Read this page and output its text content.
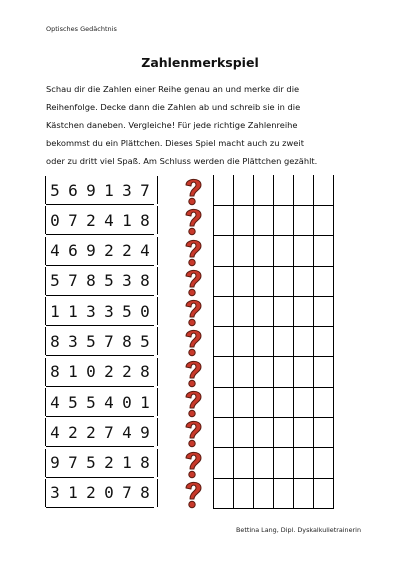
Optisches Gedächtnis
Zahlenmerkspiel

Schau dir die Zahlen einer Reihe genau an und merke dir die

Reihenfolge. Decke dann die Zahlen ab und schreib sie in die

Kästchen daneben. Vergleiche! Für jede richtige Zahlenreihe

bekommst du ein Plättchen. Dieses Spiel macht auch zu zweit

oder zu dritt viel Spaß. Am Schluss werden die Plättchen gezählt.

5 6 9 1 3 7
0 7 2 4 1 8
4 6 9 2 2 4
5 7 8 5 3 8
1 1 3 3 5 0
8 3 5 7 8 5
8 1 0 2 2 8
4 5 5 4 0 1
4 2 2 7 4 9
9 7 5 2 1 8
3 1 2 0 7 8
Bettina Lang, Dipl. Dyskalkulietrainerin
